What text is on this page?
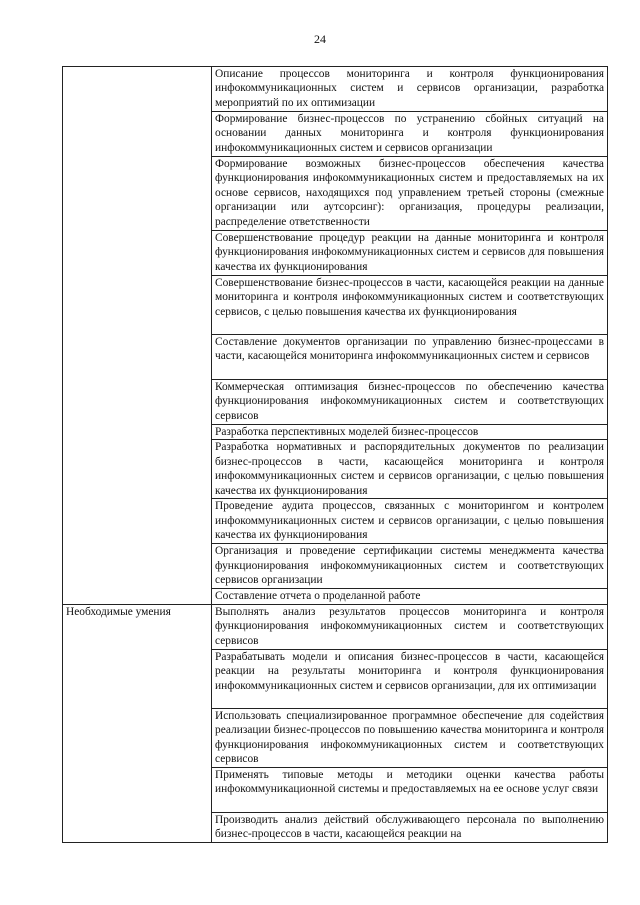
24
	Описание процессов мониторинга и контроля функционирования инфокоммуникационных систем и сервисов организации, разработка мероприятий по их оптимизации
	Формирование бизнес-процессов по устранению сбойных ситуаций на основании данных мониторинга и контроля функционирования инфокоммуникационных систем и сервисов организации
	Формирование возможных бизнес-процессов обеспечения качества функционирования инфокоммуникационных систем и предоставляемых на их основе сервисов, находящихся под управлением третьей стороны (смежные организации или аутсорсинг): организация, процедуры реализации, распределение ответственности
	Совершенствование процедур реакции на данные мониторинга и контроля функционирования инфокоммуникационных систем и сервисов для повышения качества их функционирования
	Совершенствование бизнес-процессов в части, касающейся реакции на данные мониторинга и контроля инфокоммуникационных систем и соответствующих сервисов, с целью повышения качества их функционирования
	Составление документов организации по управлению бизнес-процессами в части, касающейся мониторинга инфокоммуникационных систем и сервисов
	Коммерческая оптимизация бизнес-процессов по обеспечению качества функционирования инфокоммуникационных систем и соответствующих сервисов
	Разработка перспективных моделей бизнес-процессов
	Разработка нормативных и распорядительных документов по реализации бизнес-процессов в части, касающейся мониторинга и контроля инфокоммуникационных систем и сервисов организации, с целью повышения качества их функционирования
	Проведение аудита процессов, связанных с мониторингом и контролем инфокоммуникационных систем и сервисов организации, с целью повышения качества их функционирования
	Организация и проведение сертификации системы менеджмента качества функционирования инфокоммуникационных систем и соответствующих сервисов организации
	Составление отчета о проделанной работе
Необходимые умения	Выполнять анализ результатов процессов мониторинга и контроля функционирования инфокоммуникационных систем и соответствующих сервисов
	Разрабатывать модели и описания бизнес-процессов в части, касающейся реакции на результаты мониторинга и контроля функционирования инфокоммуникационных систем и сервисов организации, для их оптимизации
	Использовать специализированное программное обеспечение для содействия реализации бизнес-процессов по повышению качества мониторинга и контроля функционирования инфокоммуникационных систем и соответствующих сервисов
	Применять типовые методы и методики оценки качества работы инфокоммуникационной системы и предоставляемых на ее основе услуг связи
	Производить анализ действий обслуживающего персонала по выполнению бизнес-процессов в части, касающейся реакции на
